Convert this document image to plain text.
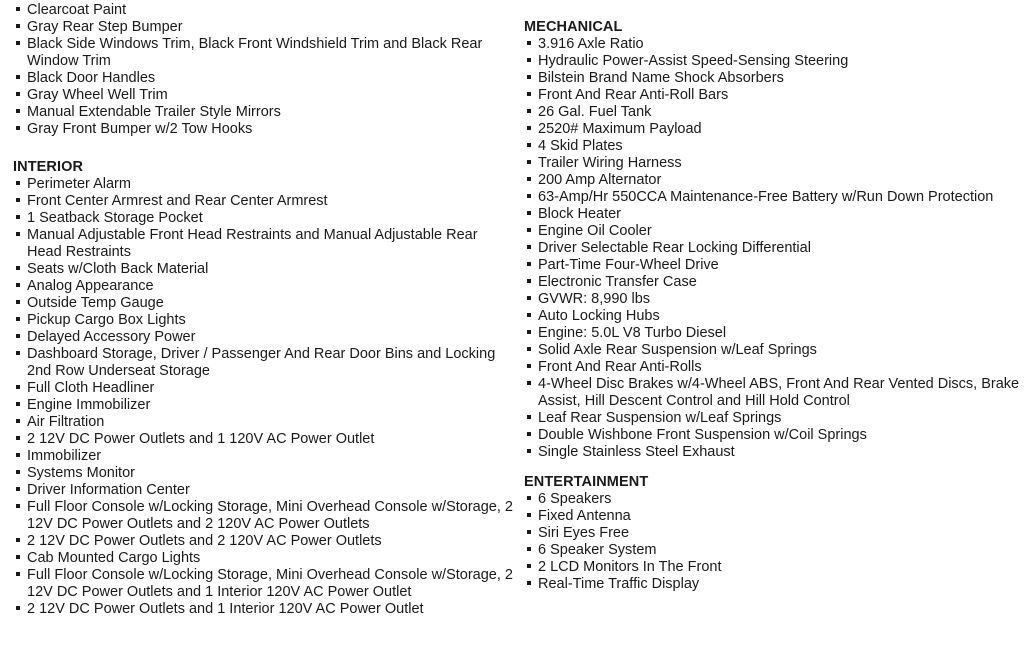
Clearcoat Paint
Gray Rear Step Bumper
Black Side Windows Trim, Black Front Windshield Trim and Black Rear Window Trim
Black Door Handles
Gray Wheel Well Trim
Manual Extendable Trailer Style Mirrors
Gray Front Bumper w/2 Tow Hooks
INTERIOR
Perimeter Alarm
Front Center Armrest and Rear Center Armrest
1 Seatback Storage Pocket
Manual Adjustable Front Head Restraints and Manual Adjustable Rear Head Restraints
Seats w/Cloth Back Material
Analog Appearance
Outside Temp Gauge
Pickup Cargo Box Lights
Delayed Accessory Power
Dashboard Storage, Driver / Passenger And Rear Door Bins and Locking 2nd Row Underseat Storage
Full Cloth Headliner
Engine Immobilizer
Air Filtration
2 12V DC Power Outlets and 1 120V AC Power Outlet
Immobilizer
Systems Monitor
Driver Information Center
Full Floor Console w/Locking Storage, Mini Overhead Console w/Storage, 2 12V DC Power Outlets and 2 120V AC Power Outlets
2 12V DC Power Outlets and 2 120V AC Power Outlets
Cab Mounted Cargo Lights
Full Floor Console w/Locking Storage, Mini Overhead Console w/Storage, 2 12V DC Power Outlets and 1 Interior 120V AC Power Outlet
2 12V DC Power Outlets and 1 Interior 120V AC Power Outlet
MECHANICAL
3.916 Axle Ratio
Hydraulic Power-Assist Speed-Sensing Steering
Bilstein Brand Name Shock Absorbers
Front And Rear Anti-Roll Bars
26 Gal. Fuel Tank
2520# Maximum Payload
4 Skid Plates
Trailer Wiring Harness
200 Amp Alternator
63-Amp/Hr 550CCA Maintenance-Free Battery w/Run Down Protection
Block Heater
Engine Oil Cooler
Driver Selectable Rear Locking Differential
Part-Time Four-Wheel Drive
Electronic Transfer Case
GVWR: 8,990 lbs
Auto Locking Hubs
Engine: 5.0L V8 Turbo Diesel
Solid Axle Rear Suspension w/Leaf Springs
Front And Rear Anti-Rolls
4-Wheel Disc Brakes w/4-Wheel ABS, Front And Rear Vented Discs, Brake Assist, Hill Descent Control and Hill Hold Control
Leaf Rear Suspension w/Leaf Springs
Double Wishbone Front Suspension w/Coil Springs
Single Stainless Steel Exhaust
ENTERTAINMENT
6 Speakers
Fixed Antenna
Siri Eyes Free
6 Speaker System
2 LCD Monitors In The Front
Real-Time Traffic Display
